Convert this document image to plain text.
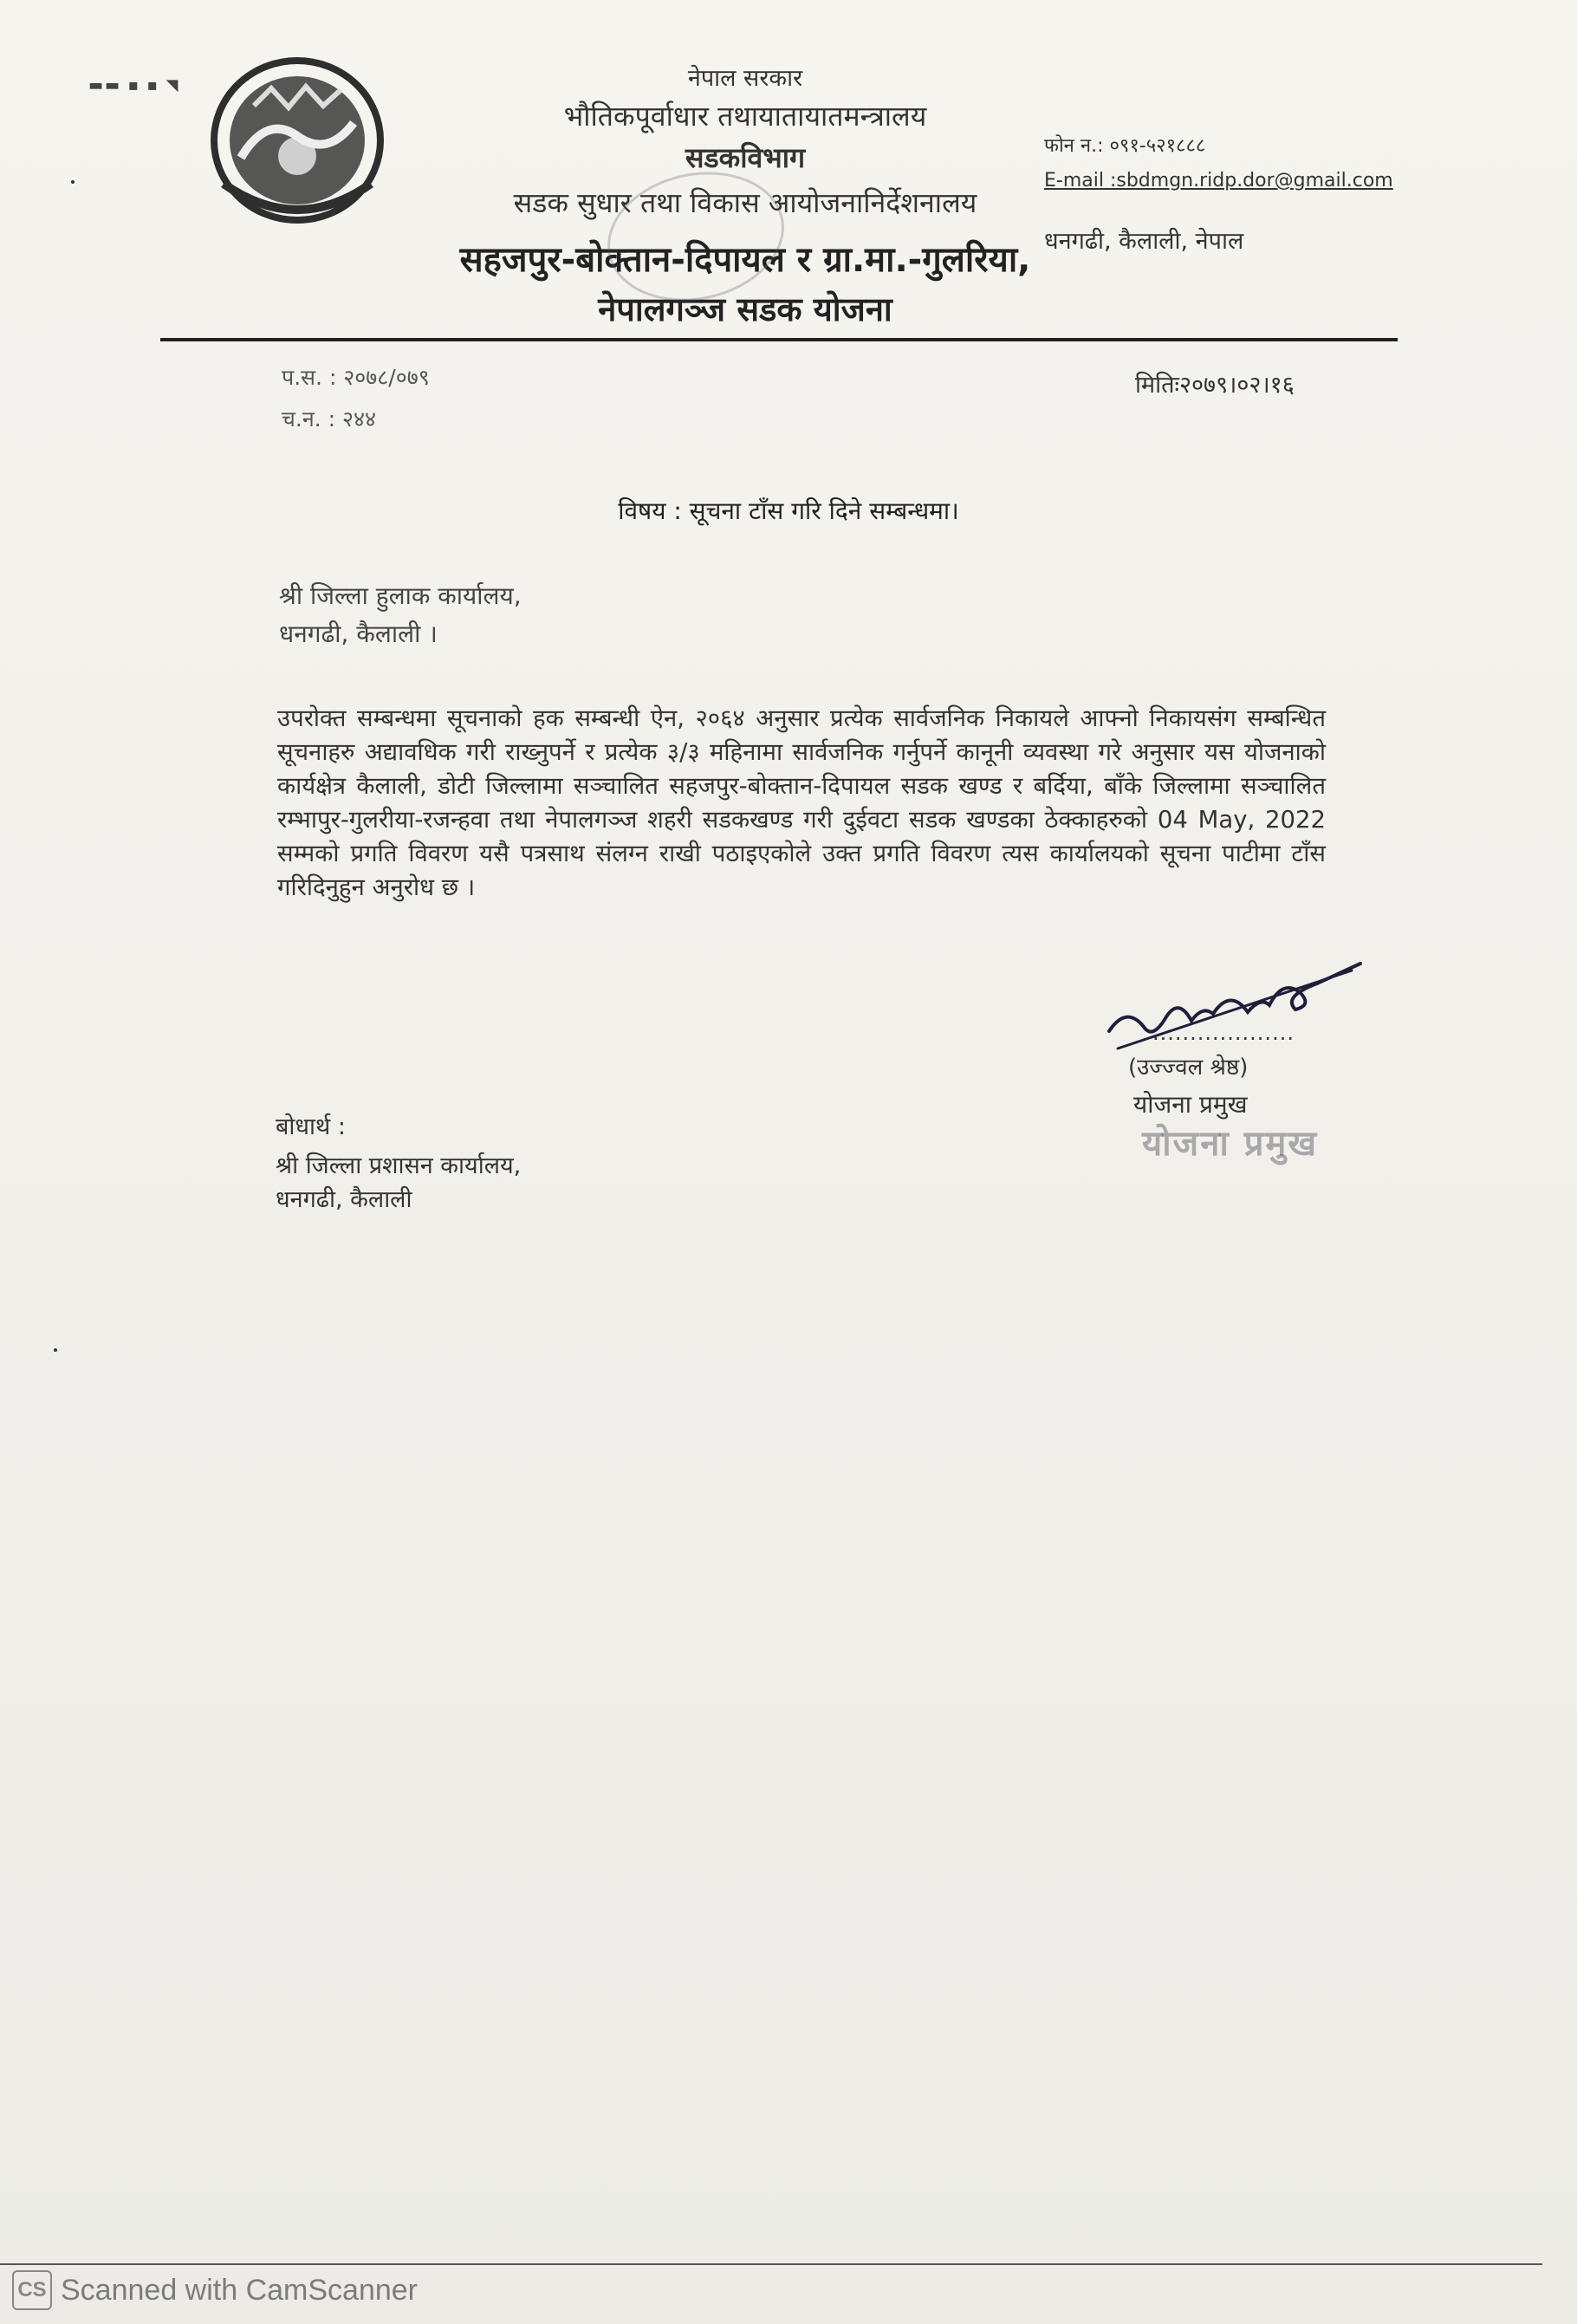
▬▬ ▪ ▪ ◥	नेपाल सरकार
भौतिकपूर्वाधार तथायातायातमन्त्रालय
सडकविभाग
सडक सुधार तथा विकास आयोजनानिर्देशनालय
सहजपुर-बोक्तान-दिपायल र ग्रा.मा.-गुलरिया,
नेपालगञ्ज सडक योजना
फोन न.: ०९१-५२१८८८
E-mail :sbdmgn.ridp.dor@gmail.com
धनगढी, कैलाली, नेपाल
प.स. : २०७८/०७९
च.न. : २४४
मितिः२०७९।०२।१६
विषय : सूचना टाँस गरि दिने सम्बन्धमा।
श्री जिल्ला हुलाक कार्यालय,
धनगढी, कैलाली ।
उपरोक्त सम्बन्धमा सूचनाको हक सम्बन्धी ऐन, २०६४ अनुसार प्रत्येक सार्वजनिक निकायले आफ्नो निकायसंग सम्बन्धित सूचनाहरु अद्यावधिक गरी राख्नुपर्ने र प्रत्येक ३/३ महिनामा सार्वजनिक गर्नुपर्ने कानूनी व्यवस्था गरे अनुसार यस योजनाको कार्यक्षेत्र कैलाली, डोटी जिल्लामा सञ्चालित सहजपुर-बोक्तान-दिपायल सडक खण्ड र बर्दिया, बाँके जिल्लामा सञ्चालित रम्भापुर-गुलरीया-रजन्हवा तथा नेपालगञ्ज शहरी सडकखण्ड गरी दुईवटा सडक खण्डका ठेक्काहरुको 04 May, 2022 सम्मको प्रगति विवरण यसै पत्रसाथ संलग्न राखी पठाइएकोले उक्त प्रगति विवरण त्यस कार्यालयको सूचना पाटीमा टाँस गरिदिनुहुन अनुरोध छ ।
...................
(उज्ज्वल श्रेष्ठ)
योजना प्रमुख
योजना प्रमुख
बोधार्थ :
श्री जिल्ला प्रशासन कार्यालय,
धनगढी, कैलाली
CS Scanned with CamScanner
